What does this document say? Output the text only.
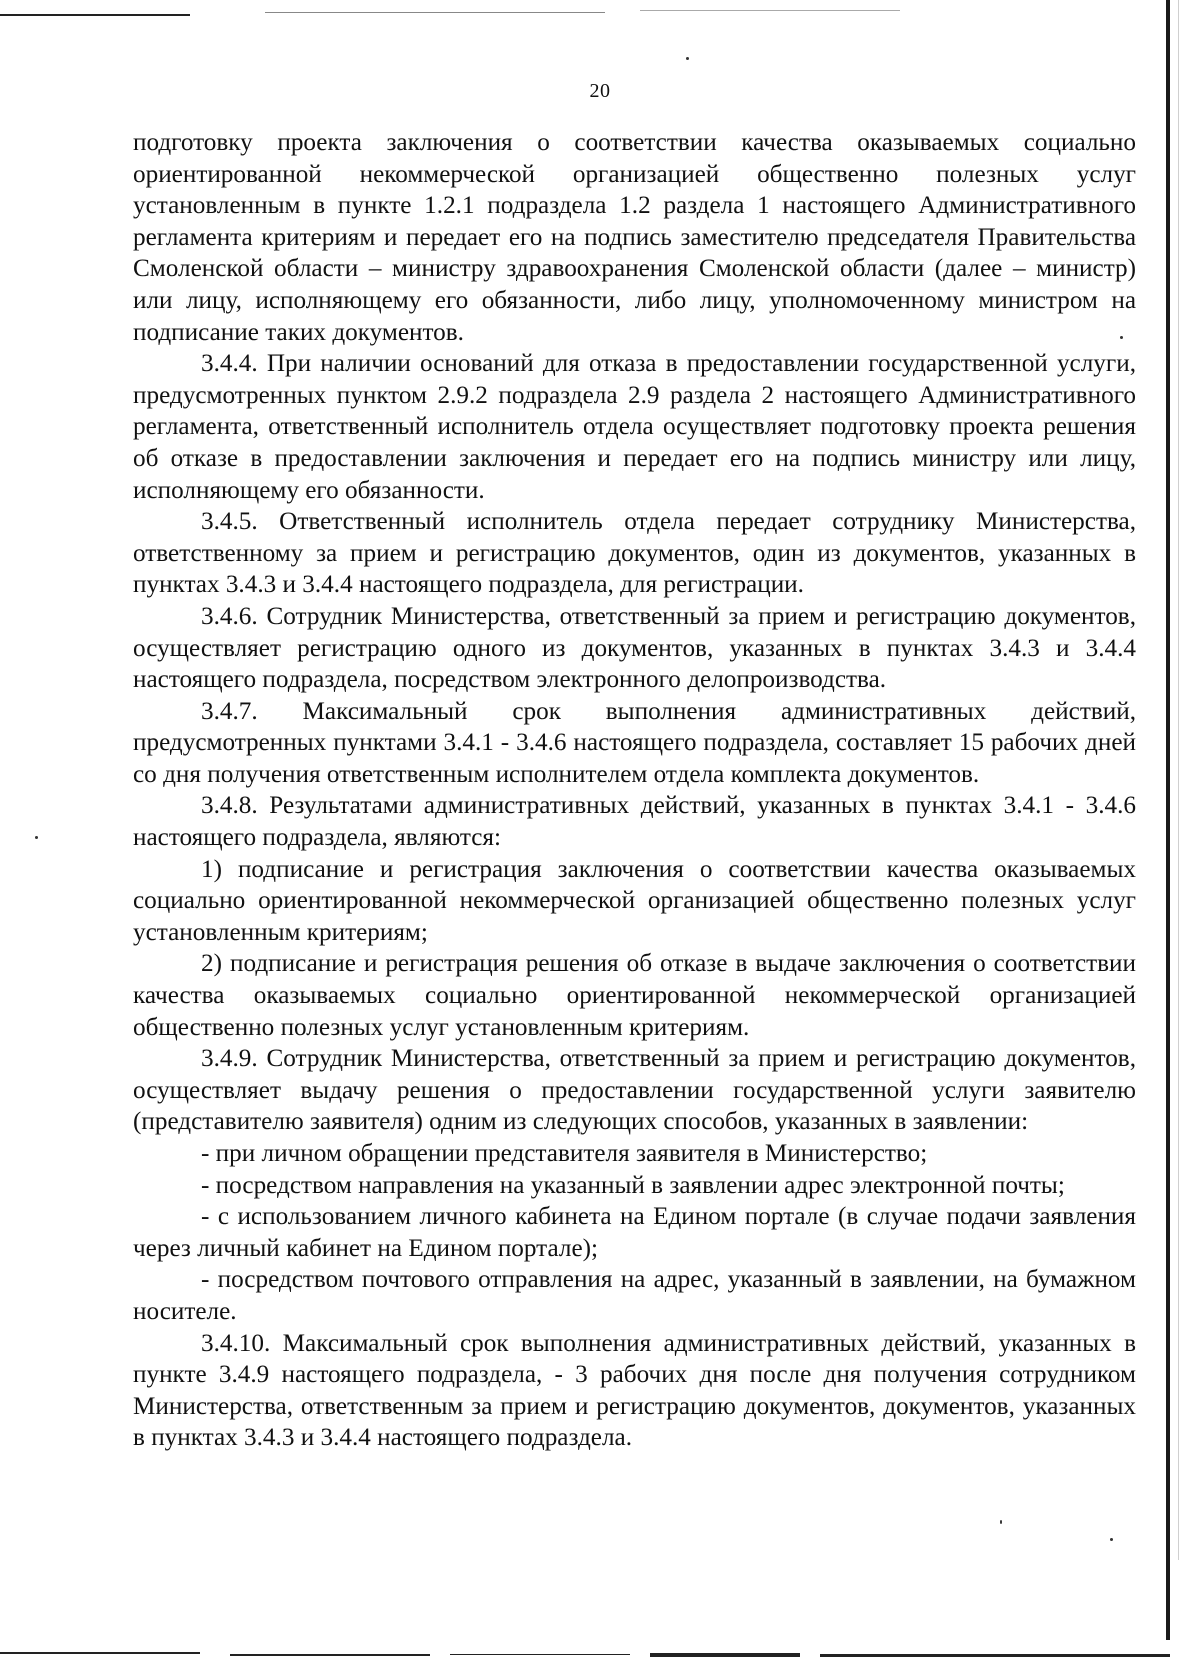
20

подготовку проекта заключения о соответствии качества оказываемых социально ориентированной некоммерческой организацией общественно полезных услуг установленным в пункте 1.2.1 подраздела 1.2 раздела 1 настоящего Административного регламента критериям и передает его на подпись заместителю председателя Правительства Смоленской области – министру здравоохранения Смоленской области (далее – министр) или лицу, исполняющему его обязанности, либо лицу, уполномоченному министром на подписание таких документов.

3.4.4. При наличии оснований для отказа в предоставлении государственной услуги, предусмотренных пунктом 2.9.2 подраздела 2.9 раздела 2 настоящего Административного регламента, ответственный исполнитель отдела осуществляет подготовку проекта решения об отказе в предоставлении заключения и передает его на подпись министру или лицу, исполняющему его обязанности.

3.4.5. Ответственный исполнитель отдела передает сотруднику Министерства, ответственному за прием и регистрацию документов, один из документов, указанных в пунктах 3.4.3 и 3.4.4 настоящего подраздела, для регистрации.

3.4.6. Сотрудник Министерства, ответственный за прием и регистрацию документов, осуществляет регистрацию одного из документов, указанных в пунктах 3.4.3 и 3.4.4 настоящего подраздела, посредством электронного делопроизводства.

3.4.7. Максимальный срок выполнения административных действий, предусмотренных пунктами 3.4.1 - 3.4.6 настоящего подраздела, составляет 15 рабочих дней со дня получения ответственным исполнителем отдела комплекта документов.

3.4.8. Результатами административных действий, указанных в пунктах 3.4.1 - 3.4.6 настоящего подраздела, являются:

1) подписание и регистрация заключения о соответствии качества оказываемых социально ориентированной некоммерческой организацией общественно полезных услуг установленным критериям;

2) подписание и регистрация решения об отказе в выдаче заключения о соответствии качества оказываемых социально ориентированной некоммерческой организацией общественно полезных услуг установленным критериям.

3.4.9. Сотрудник Министерства, ответственный за прием и регистрацию документов, осуществляет выдачу решения о предоставлении государственной услуги заявителю (представителю заявителя) одним из следующих способов, указанных в заявлении:

- при личном обращении представителя заявителя в Министерство;

- посредством направления на указанный в заявлении адрес электронной почты;

- с использованием личного кабинета на Едином портале (в случае подачи заявления через личный кабинет на Едином портале);

- посредством почтового отправления на адрес, указанный в заявлении, на бумажном носителе.

3.4.10. Максимальный срок выполнения административных действий, указанных в пункте 3.4.9 настоящего подраздела, - 3 рабочих дня после дня получения сотрудником Министерства, ответственным за прием и регистрацию документов, документов, указанных в пунктах 3.4.3 и 3.4.4 настоящего подраздела.
